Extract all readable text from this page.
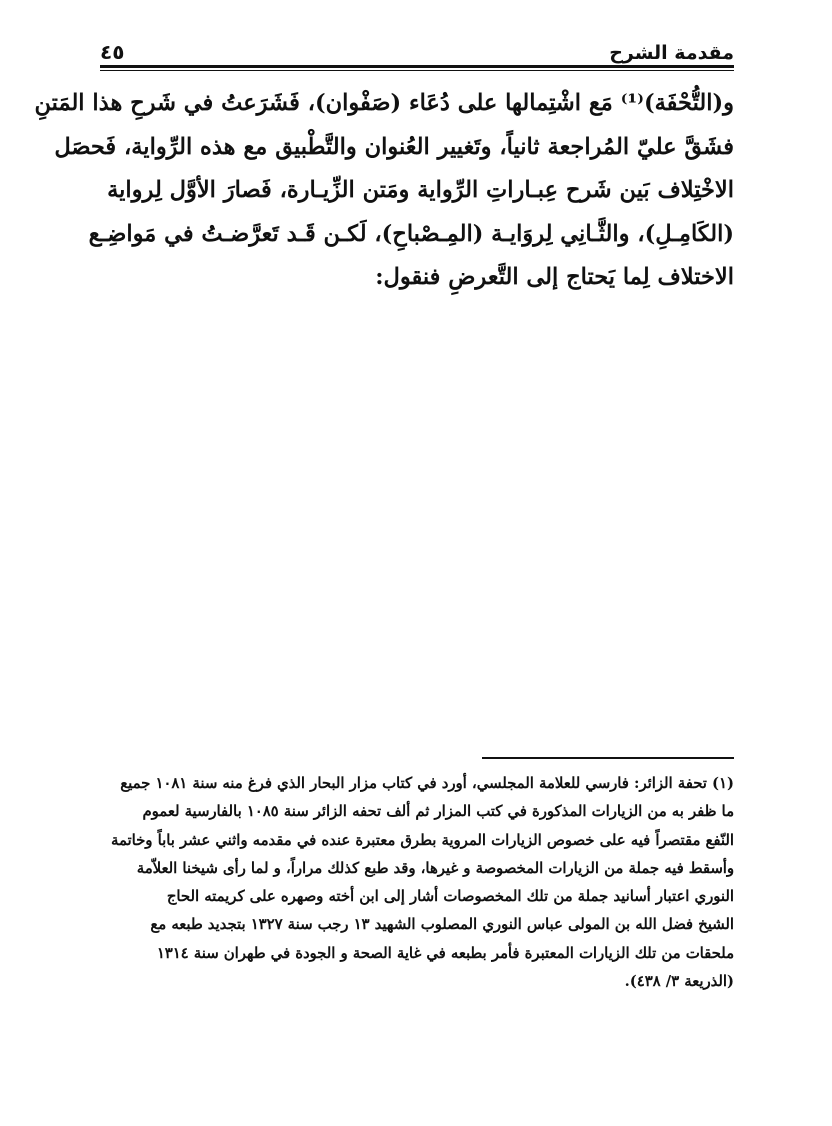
مقدمة الشرح
٤٥
و(التُّحْفَة)⁽¹⁾ مَع اشْتِمالها على دُعَاء (صَفْوان)، فَشَرَعتُ في شَرحِ هذا المَتنِ
فشَقَّ عليّ المُراجعة ثانياً، وتَغيير العُنوان والتَّطْبيق مع هذه الرِّواية، فَحصَل
الاخْتِلاف بَين شَرح عِبـاراتِ الرِّواية ومَتن الزِّيـارة، فَصارَ الأوَّل لِرواية
(الكَامِـلِ)، والثَّـانِي لِروَايـة (المِـصْباحِ)، لَكـن قَـد تَعرَّضـتُ في مَواضِـع
الاختلاف لِما يَحتاج إلى التَّعرضِ فنقول:
(١) تحفة الزائر: فارسي للعلامة المجلسي، أورد في كتاب مزار البحار الذي فرغ منه سنة ١٠٨١ جميع
ما ظفر به من الزيارات المذكورة في كتب المزار ثم ألف تحفه الزائر سنة ١٠٨٥ بالفارسية لعموم
النّفع مقتصراً فيه على خصوص الزيارات المروية بطرق معتبرة عنده في مقدمه واثني عشر باباً وخاتمة
وأسقط فيه جملة من الزيارات المخصوصة و غيرها، وقد طبع كذلك مراراً، و لما رأى شيخنا العلاّمة
النوري اعتبار أسانيد جملة من تلك المخصوصات أشار إلى ابن أخته وصهره على كريمته الحاج
الشيخ فضل الله بن المولى عباس النوري المصلوب الشهيد ١٣ رجب سنة ١٣٢٧ بتجديد طبعه مع
ملحقات من تلك الزيارات المعتبرة فأمر بطبعه في غاية الصحة و الجودة في طهران سنة ١٣١٤
(الذريعة ٣/ ٤٣٨).
